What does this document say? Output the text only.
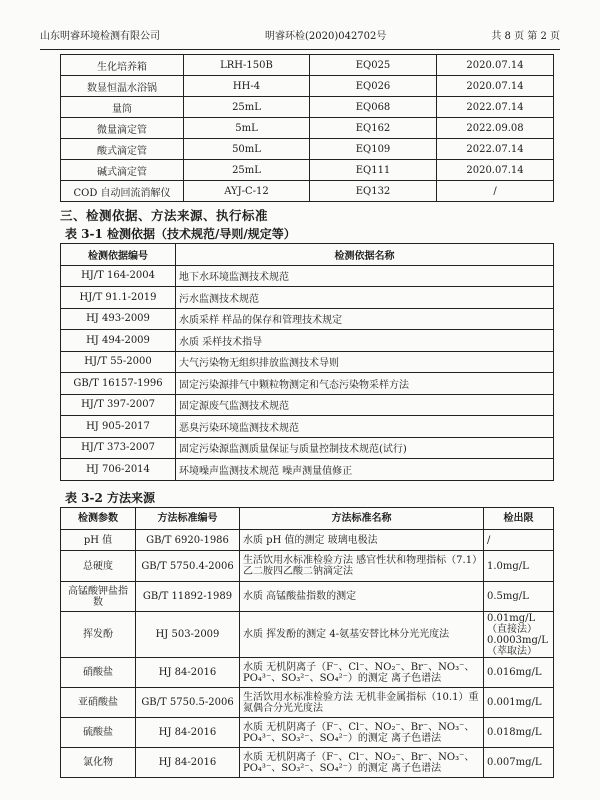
山东明睿环境检测有限公司	明睿环检(2020)042702号	共 8 页 第 2 页
生化培养箱	LRH-150B	EQ025	2020.07.14
数显恒温水浴锅	HH-4	EQ026	2020.07.14
量筒	25mL	EQ068	2022.07.14
微量滴定管	5mL	EQ162	2022.09.08
酸式滴定管	50mL	EQ109	2022.07.14
碱式滴定管	25mL	EQ111	2020.07.14
COD 自动回流消解仪	AYJ-C-12	EQ132	/
三、检测依据、方法来源、执行标准
表 3-1 检测依据（技术规范/导则/规定等）
检测依据编号	检测依据名称
HJ/T 164-2004	地下水环境监测技术规范
HJ/T 91.1-2019	污水监测技术规范
HJ 493-2009	水质采样 样品的保存和管理技术规定
HJ 494-2009	水质 采样技术指导
HJ/T 55-2000	大气污染物无组织排放监测技术导则
GB/T 16157-1996	固定污染源排气中颗粒物测定和气态污染物采样方法
HJ/T 397-2007	固定源废气监测技术规范
HJ 905-2017	恶臭污染环境监测技术规范
HJ/T 373-2007	固定污染源监测质量保证与质量控制技术规范(试行)
HJ 706-2014	环境噪声监测技术规范 噪声测量值修正
表 3-2 方法来源
检测参数	方法标准编号	方法标准名称	检出限
pH 值	GB/T 6920-1986	水质 pH 值的测定 玻璃电极法	/
总硬度	GB/T 5750.4-2006	生活饮用水标准检验方法 感官性状和物理指标（7.1）乙二胺四乙酸二钠滴定法	1.0mg/L
高锰酸钾盐指数	GB/T 11892-1989	水质 高锰酸盐指数的测定	0.5mg/L
挥发酚	HJ 503-2009	水质 挥发酚的测定 4-氨基安替比林分光光度法	0.01mg/L（直接法）0.0003mg/L（萃取法）
硝酸盐	HJ 84-2016	水质 无机阴离子（F⁻、Cl⁻、NO₂⁻、Br⁻、NO₃⁻、PO₄³⁻、SO₃²⁻、SO₄²⁻）的测定 离子色谱法	0.016mg/L
亚硝酸盐	GB/T 5750.5-2006	生活饮用水标准检验方法 无机非金属指标（10.1）重氮偶合分光光度法	0.001mg/L
硫酸盐	HJ 84-2016	水质 无机阴离子（F⁻、Cl⁻、NO₂⁻、Br⁻、NO₃⁻、PO₄³⁻、SO₃²⁻、SO₄²⁻）的测定 离子色谱法	0.018mg/L
氯化物	HJ 84-2016	水质 无机阴离子（F⁻、Cl⁻、NO₂⁻、Br⁻、NO₃⁻、PO₄³⁻、SO₃²⁻、SO₄²⁻）的测定 离子色谱法	0.007mg/L
